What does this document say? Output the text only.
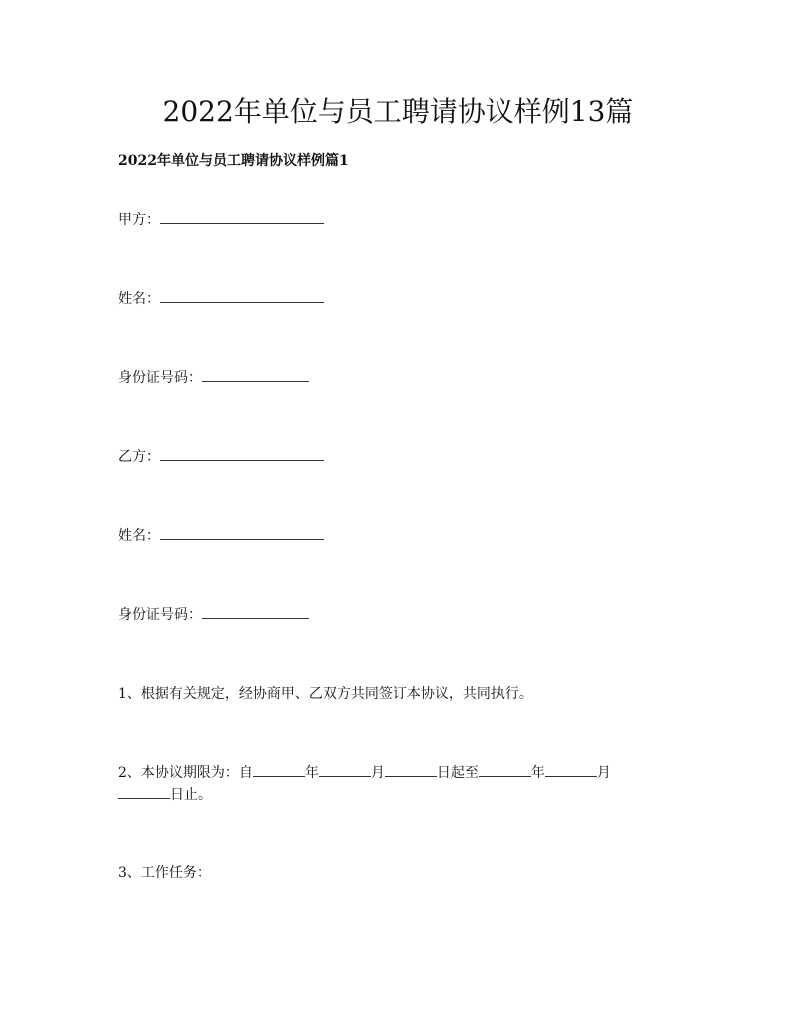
2022年单位与员工聘请协议样例13篇
2022年单位与员工聘请协议样例篇1

甲方：

姓名：

身份证号码：

乙方：

姓名：

身份证号码：

1、根据有关规定，经协商甲、乙双方共同签订本协议，共同执行。

2、本协议期限为：自	年	月	日起至	年	月
日止。

3、工作任务：
